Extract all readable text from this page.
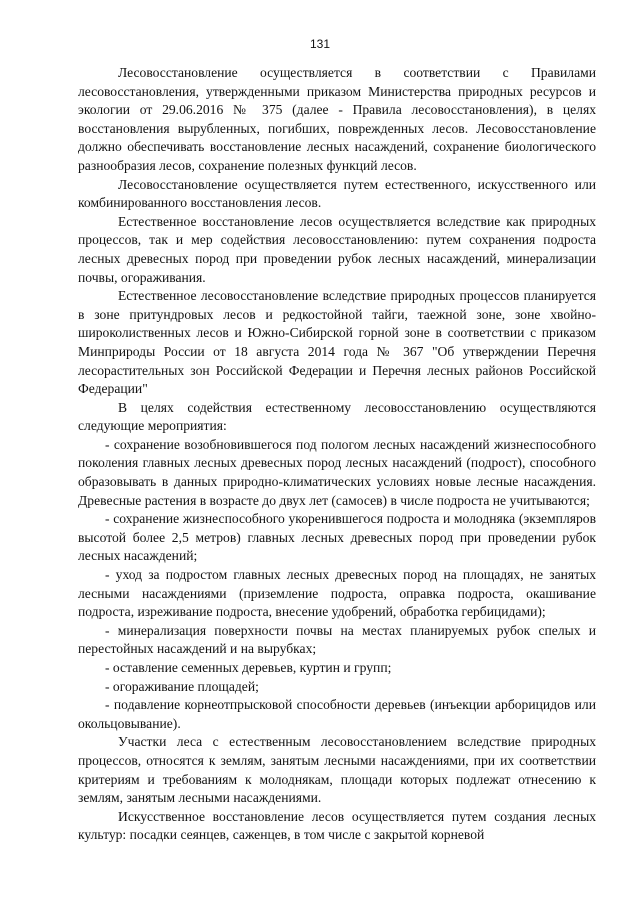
131

Лесовосстановление осуществляется в соответствии с Правилами лесовосстановления, утвержденными приказом Министерства природных ресурсов и экологии от 29.06.2016 № 375 (далее - Правила лесовосстановления), в целях восстановления вырубленных, погибших, поврежденных лесов. Лесовосстановление должно обеспечивать восстановление лесных насаждений, сохранение биологического разнообразия лесов, сохранение полезных функций лесов.

Лесовосстановление осуществляется путем естественного, искусственного или комбинированного восстановления лесов.

Естественное восстановление лесов осуществляется вследствие как природных процессов, так и мер содействия лесовосстановлению: путем сохранения подроста лесных древесных пород при проведении рубок лесных насаждений, минерализации почвы, огораживания.

Естественное лесовосстановление вследствие природных процессов планируется в зоне притундровых лесов и редкостойной тайги, таежной зоне, зоне хвойно-широколиственных лесов и Южно-Сибирской горной зоне в соответствии с приказом Минприроды России от 18 августа 2014 года № 367 "Об утверждении Перечня лесорастительных зон Российской Федерации и Перечня лесных районов Российской Федерации"

В целях содействия естественному лесовосстановлению осуществляются следующие мероприятия:

- сохранение возобновившегося под пологом лесных насаждений жизнеспособного поколения главных лесных древесных пород лесных насаждений (подрост), способного образовывать в данных природно-климатических условиях новые лесные насаждения. Древесные растения в возрасте до двух лет (самосев) в числе подроста не учитываются;

- сохранение жизнеспособного укоренившегося подроста и молодняка (экземпляров высотой более 2,5 метров) главных лесных древесных пород при проведении рубок лесных насаждений;

- уход за подростом главных лесных древесных пород на площадях, не занятых лесными насаждениями (приземление подроста, оправка подроста, окашивание подроста, изреживание подроста, внесение удобрений, обработка гербицидами);

- минерализация поверхности почвы на местах планируемых рубок спелых и перестойных насаждений и на вырубках;

- оставление семенных деревьев, куртин и групп;

- огораживание площадей;

- подавление корнеотпрысковой способности деревьев (инъекции арборицидов или окольцовывание).

Участки леса с естественным лесовосстановлением вследствие природных процессов, относятся к землям, занятым лесными насаждениями, при их соответствии критериям и требованиям к молоднякам, площади которых подлежат отнесению к землям, занятым лесными насаждениями.

Искусственное восстановление лесов осуществляется путем создания лесных культур: посадки сеянцев, саженцев, в том числе с закрытой корневой
